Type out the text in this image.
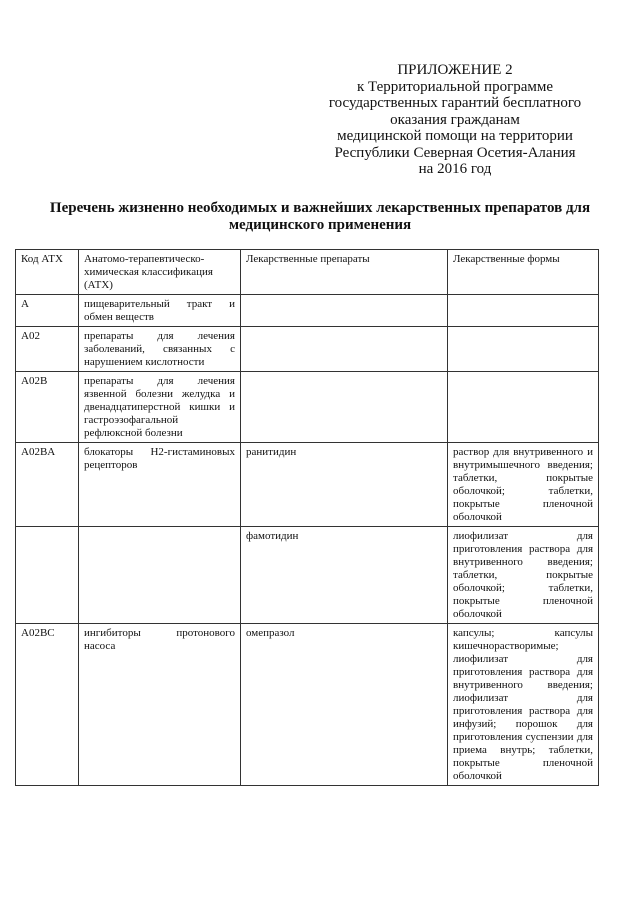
ПРИЛОЖЕНИЕ 2
к Территориальной программе
государственных гарантий бесплатного
оказания гражданам
медицинской помощи на территории
Республики Северная Осетия-Алания
на 2016 год
Перечень жизненно необходимых и важнейших лекарственных препаратов для
медицинского применения
Код АТХ	Анатомо-терапевтическо-химическая классификация (АТХ)	Лекарственные препараты	Лекарственные формы
A	пищеварительный тракт и обмен веществ		
A02	препараты для лечения заболеваний, связанных с нарушением кислотности		
A02B	препараты для лечения язвенной болезни желудка и двенадцатиперстной кишки и гастроэзофагальной рефлюксной болезни		
A02BA	блокаторы H2-гистаминовых рецепторов	ранитидин	раствор для внутривенного и внутримышечного введения; таблетки, покрытые оболочкой; таблетки, покрытые пленочной оболочкой
		фамотидин	лиофилизат для приготовления раствора для внутривенного введения; таблетки, покрытые оболочкой; таблетки, покрытые пленочной оболочкой
A02BC	ингибиторы протонового насоса	омепразол	капсулы; капсулы кишечнорастворимые; лиофилизат для приготовления раствора для внутривенного введения; лиофилизат для приготовления раствора для инфузий; порошок для приготовления суспензии для приема внутрь; таблетки, покрытые пленочной оболочкой
